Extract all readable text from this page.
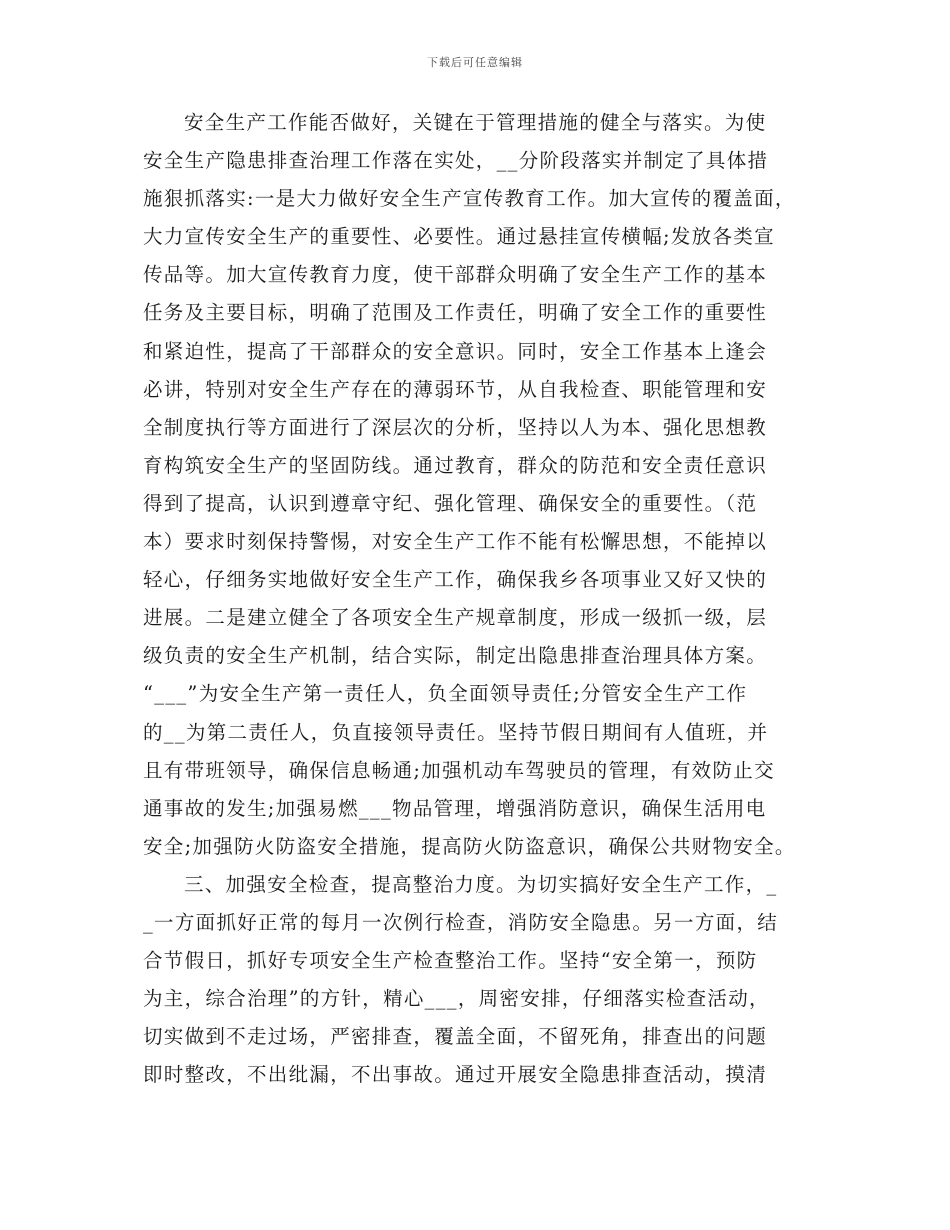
下载后可任意编辑
安全生产工作能否做好，关键在于管理措施的健全与落实。为使
安全生产隐患排查治理工作落在实处，__分阶段落实并制定了具体措
施狠抓落实:一是大力做好安全生产宣传教育工作。加大宣传的覆盖面，
大力宣传安全生产的重要性、必要性。通过悬挂宣传横幅;发放各类宣
传品等。加大宣传教育力度，使干部群众明确了安全生产工作的基本
任务及主要目标，明确了范围及工作责任，明确了安全工作的重要性
和紧迫性，提高了干部群众的安全意识。同时，安全工作基本上逢会
必讲，特别对安全生产存在的薄弱环节，从自我检查、职能管理和安
全制度执行等方面进行了深层次的分析，坚持以人为本、强化思想教
育构筑安全生产的坚固防线。通过教育，群众的防范和安全责任意识
得到了提高，认识到遵章守纪、强化管理、确保安全的重要性。（范
本）要求时刻保持警惕，对安全生产工作不能有松懈思想，不能掉以
轻心，仔细务实地做好安全生产工作，确保我乡各项事业又好又快的
进展。二是建立健全了各项安全生产规章制度，形成一级抓一级，层
级负责的安全生产机制，结合实际，制定出隐患排查治理具体方案。
“___”为安全生产第一责任人，负全面领导责任;分管安全生产工作
的__为第二责任人，负直接领导责任。坚持节假日期间有人值班，并
且有带班领导，确保信息畅通;加强机动车驾驶员的管理，有效防止交
通事故的发生;加强易燃___物品管理，增强消防意识，确保生活用电
安全;加强防火防盗安全措施，提高防火防盗意识，确保公共财物安全。
三、加强安全检查，提高整治力度。为切实搞好安全生产工作，_
_一方面抓好正常的每月一次例行检查，消防安全隐患。另一方面，结
合节假日，抓好专项安全生产检查整治工作。坚持“安全第一，预防
为主，综合治理”的方针，精心___，周密安排，仔细落实检查活动，
切实做到不走过场，严密排查，覆盖全面，不留死角，排查出的问题
即时整改，不出纰漏，不出事故。通过开展安全隐患排查活动，摸清
